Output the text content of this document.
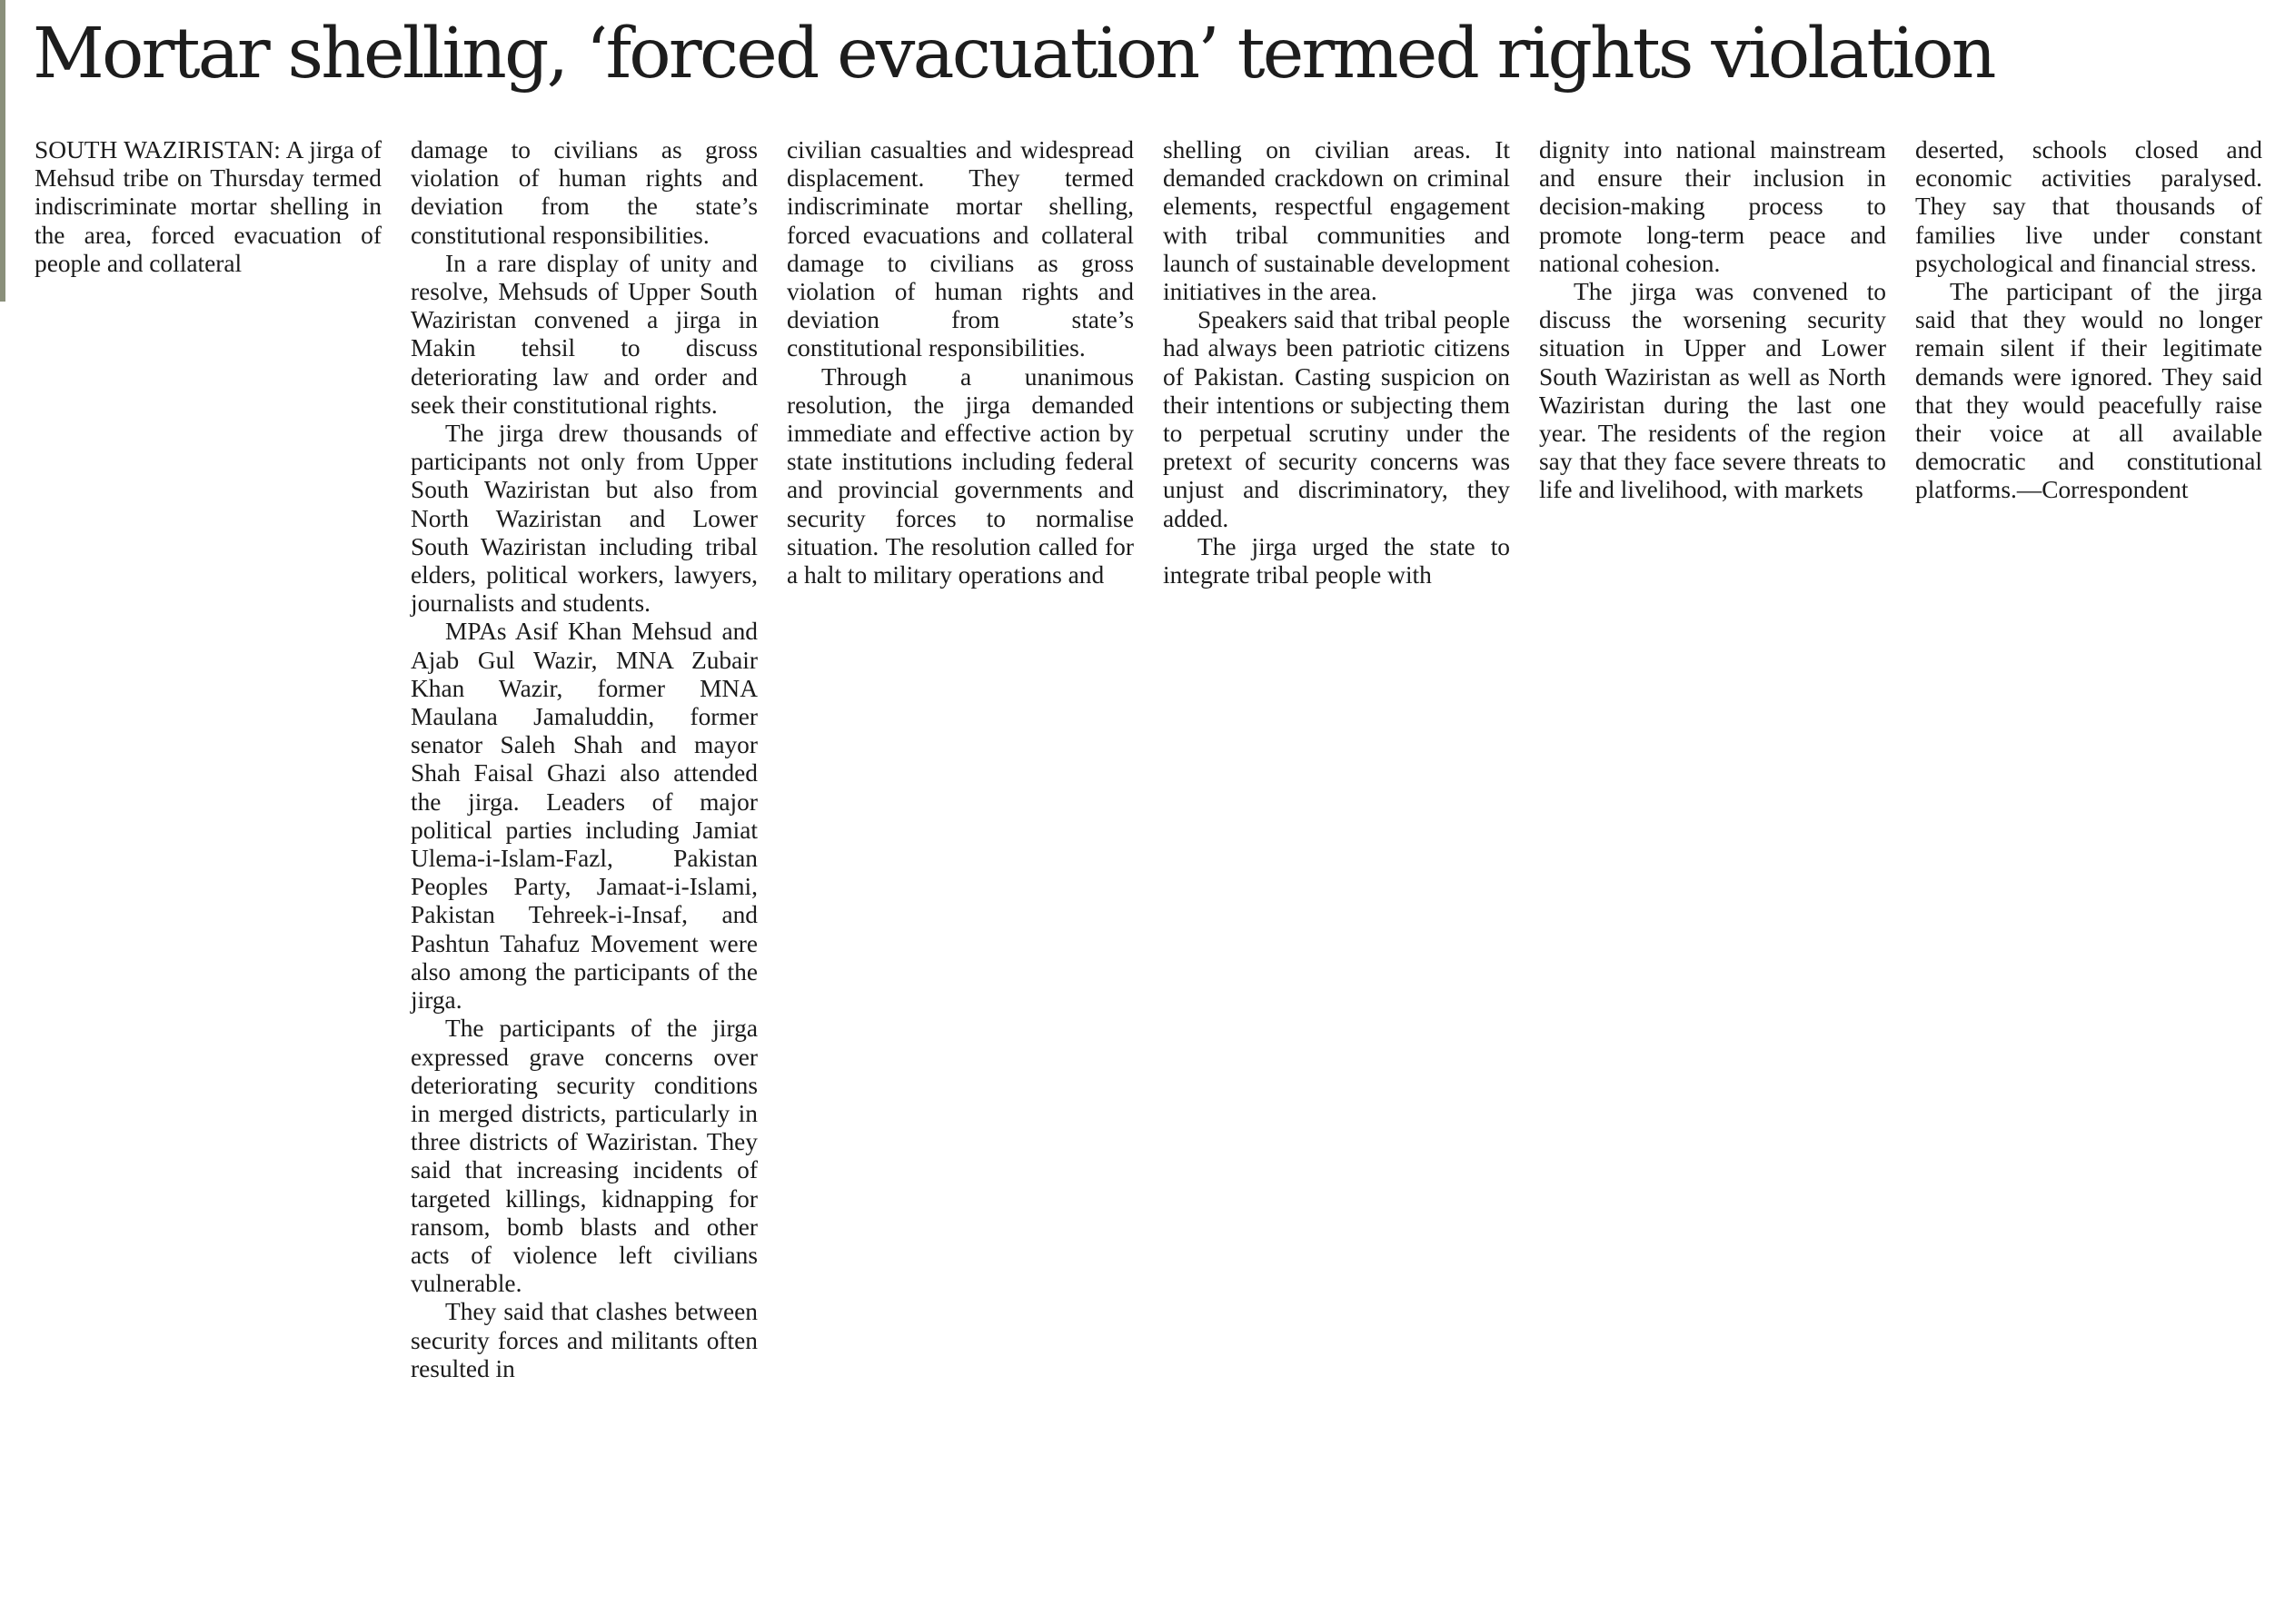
Mortar shelling, ‘forced evacuation’ termed rights violation

SOUTH WAZIRISTAN: A jirga of Mehsud tribe on Thursday termed indiscriminate mortar shelling in the area, forced evacuation of people and collateral

damage to civilians as gross violation of human rights and deviation from the state’s constitutional responsibilities.

In a rare display of unity and resolve, Mehsuds of Upper South Waziristan convened a jirga in Makin tehsil to discuss deteriorating law and order and seek their constitutional rights.

The jirga drew thousands of participants not only from Upper South Waziristan but also from North Waziristan and Lower South Waziristan including tribal elders, political workers, lawyers, journalists and students.

MPAs Asif Khan Mehsud and Ajab Gul Wazir, MNA Zubair Khan Wazir, former MNA Maulana Jamaluddin, former senator Saleh Shah and mayor Shah Faisal Ghazi also attended the jirga. Leaders of major political parties including Jamiat Ulema-i-Islam-Fazl, Pakistan Peoples Party, Jamaat-i-Islami, Pakistan Tehreek-i-Insaf, and Pashtun Tahafuz Movement were also among the participants of the jirga.

The participants of the jirga expressed grave concerns over deteriorating security conditions in merged districts, particularly in three districts of Waziristan. They said that increasing incidents of targeted killings, kidnapping for ransom, bomb blasts and other acts of violence left civilians vulnerable.

They said that clashes between security forces and militants often resulted in

civilian casualties and widespread displacement. They termed indiscriminate mortar shelling, forced evacuations and collateral damage to civilians as gross violation of human rights and deviation from state’s constitutional responsibilities.

Through a unanimous resolution, the jirga demanded immediate and effective action by state institutions including federal and provincial governments and security forces to normalise situation. The resolution called for a halt to military operations and

shelling on civilian areas. It demanded crackdown on criminal elements, respectful engagement with tribal communities and launch of sustainable development initiatives in the area.

Speakers said that tribal people had always been patriotic citizens of Pakistan. Casting suspicion on their intentions or subjecting them to perpetual scrutiny under the pretext of security concerns was unjust and discriminatory, they added.

The jirga urged the state to integrate tribal people with

dignity into national mainstream and ensure their inclusion in decision-making process to promote long-term peace and national cohesion.

The jirga was convened to discuss the worsening security situation in Upper and Lower South Waziristan as well as North Waziristan during the last one year. The residents of the region say that they face severe threats to life and livelihood, with markets

deserted, schools closed and economic activities paralysed. They say that thousands of families live under constant psychological and financial stress.

The participant of the jirga said that they would no longer remain silent if their legitimate demands were ignored. They said that they would peacefully raise their voice at all available democratic and constitutional platforms.—Correspondent
